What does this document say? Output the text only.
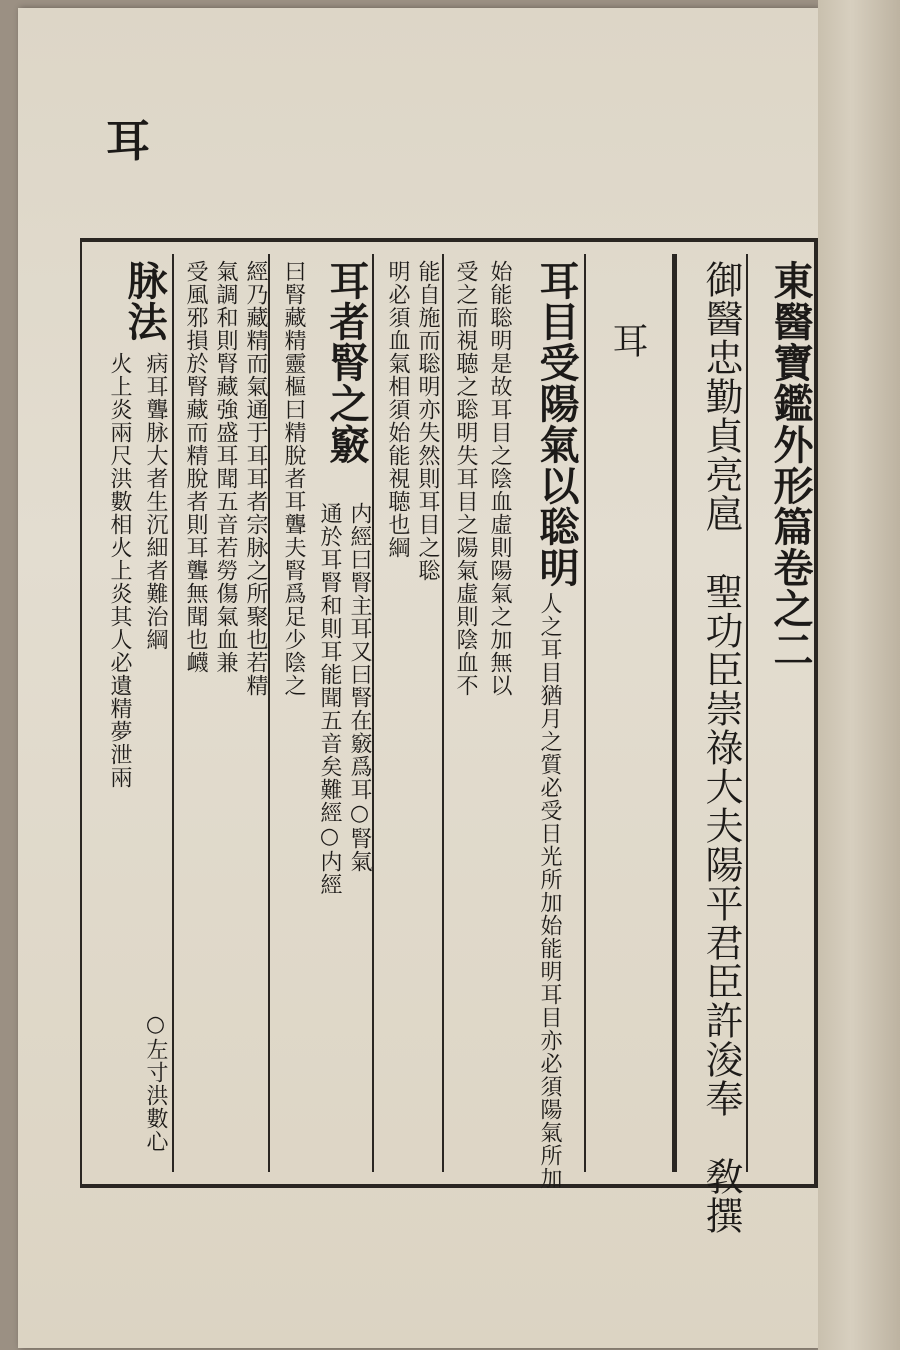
耳
東醫寶鑑外形篇卷之二
御醫忠勤貞亮扈　聖功臣崇祿大夫陽平君臣許浚奉　敎撰
耳
耳目受陽氣以聡明
人之耳目猶月之質必受日光所加始能明耳目亦必須陽氣所加
始能聡明是故耳目之陰血虛則陽氣之加無以
受之而視聴之聡明失耳目之陽氣虛則陰血不
能自施而聡明亦失然則耳目之聡
明必須血氣相須始能視聴也綱
耳者腎之竅
内經曰腎主耳又曰腎在竅爲耳○腎氣
通於耳腎和則耳能聞五音矣難經○内經
曰腎藏精靈樞曰精脫者耳聾夫腎爲足少陰之
經乃藏精而氣通于耳耳者宗脉之所聚也若精
氣調和則腎藏強盛耳聞五音若勞傷氣血兼
受風邪損於腎藏而精脫者則耳聾無聞也衊
脉法
病耳聾脉大者生沉細者難治綱
○左寸洪數心
火上炎兩尺洪數相火上炎其人必遺精夢泄兩
